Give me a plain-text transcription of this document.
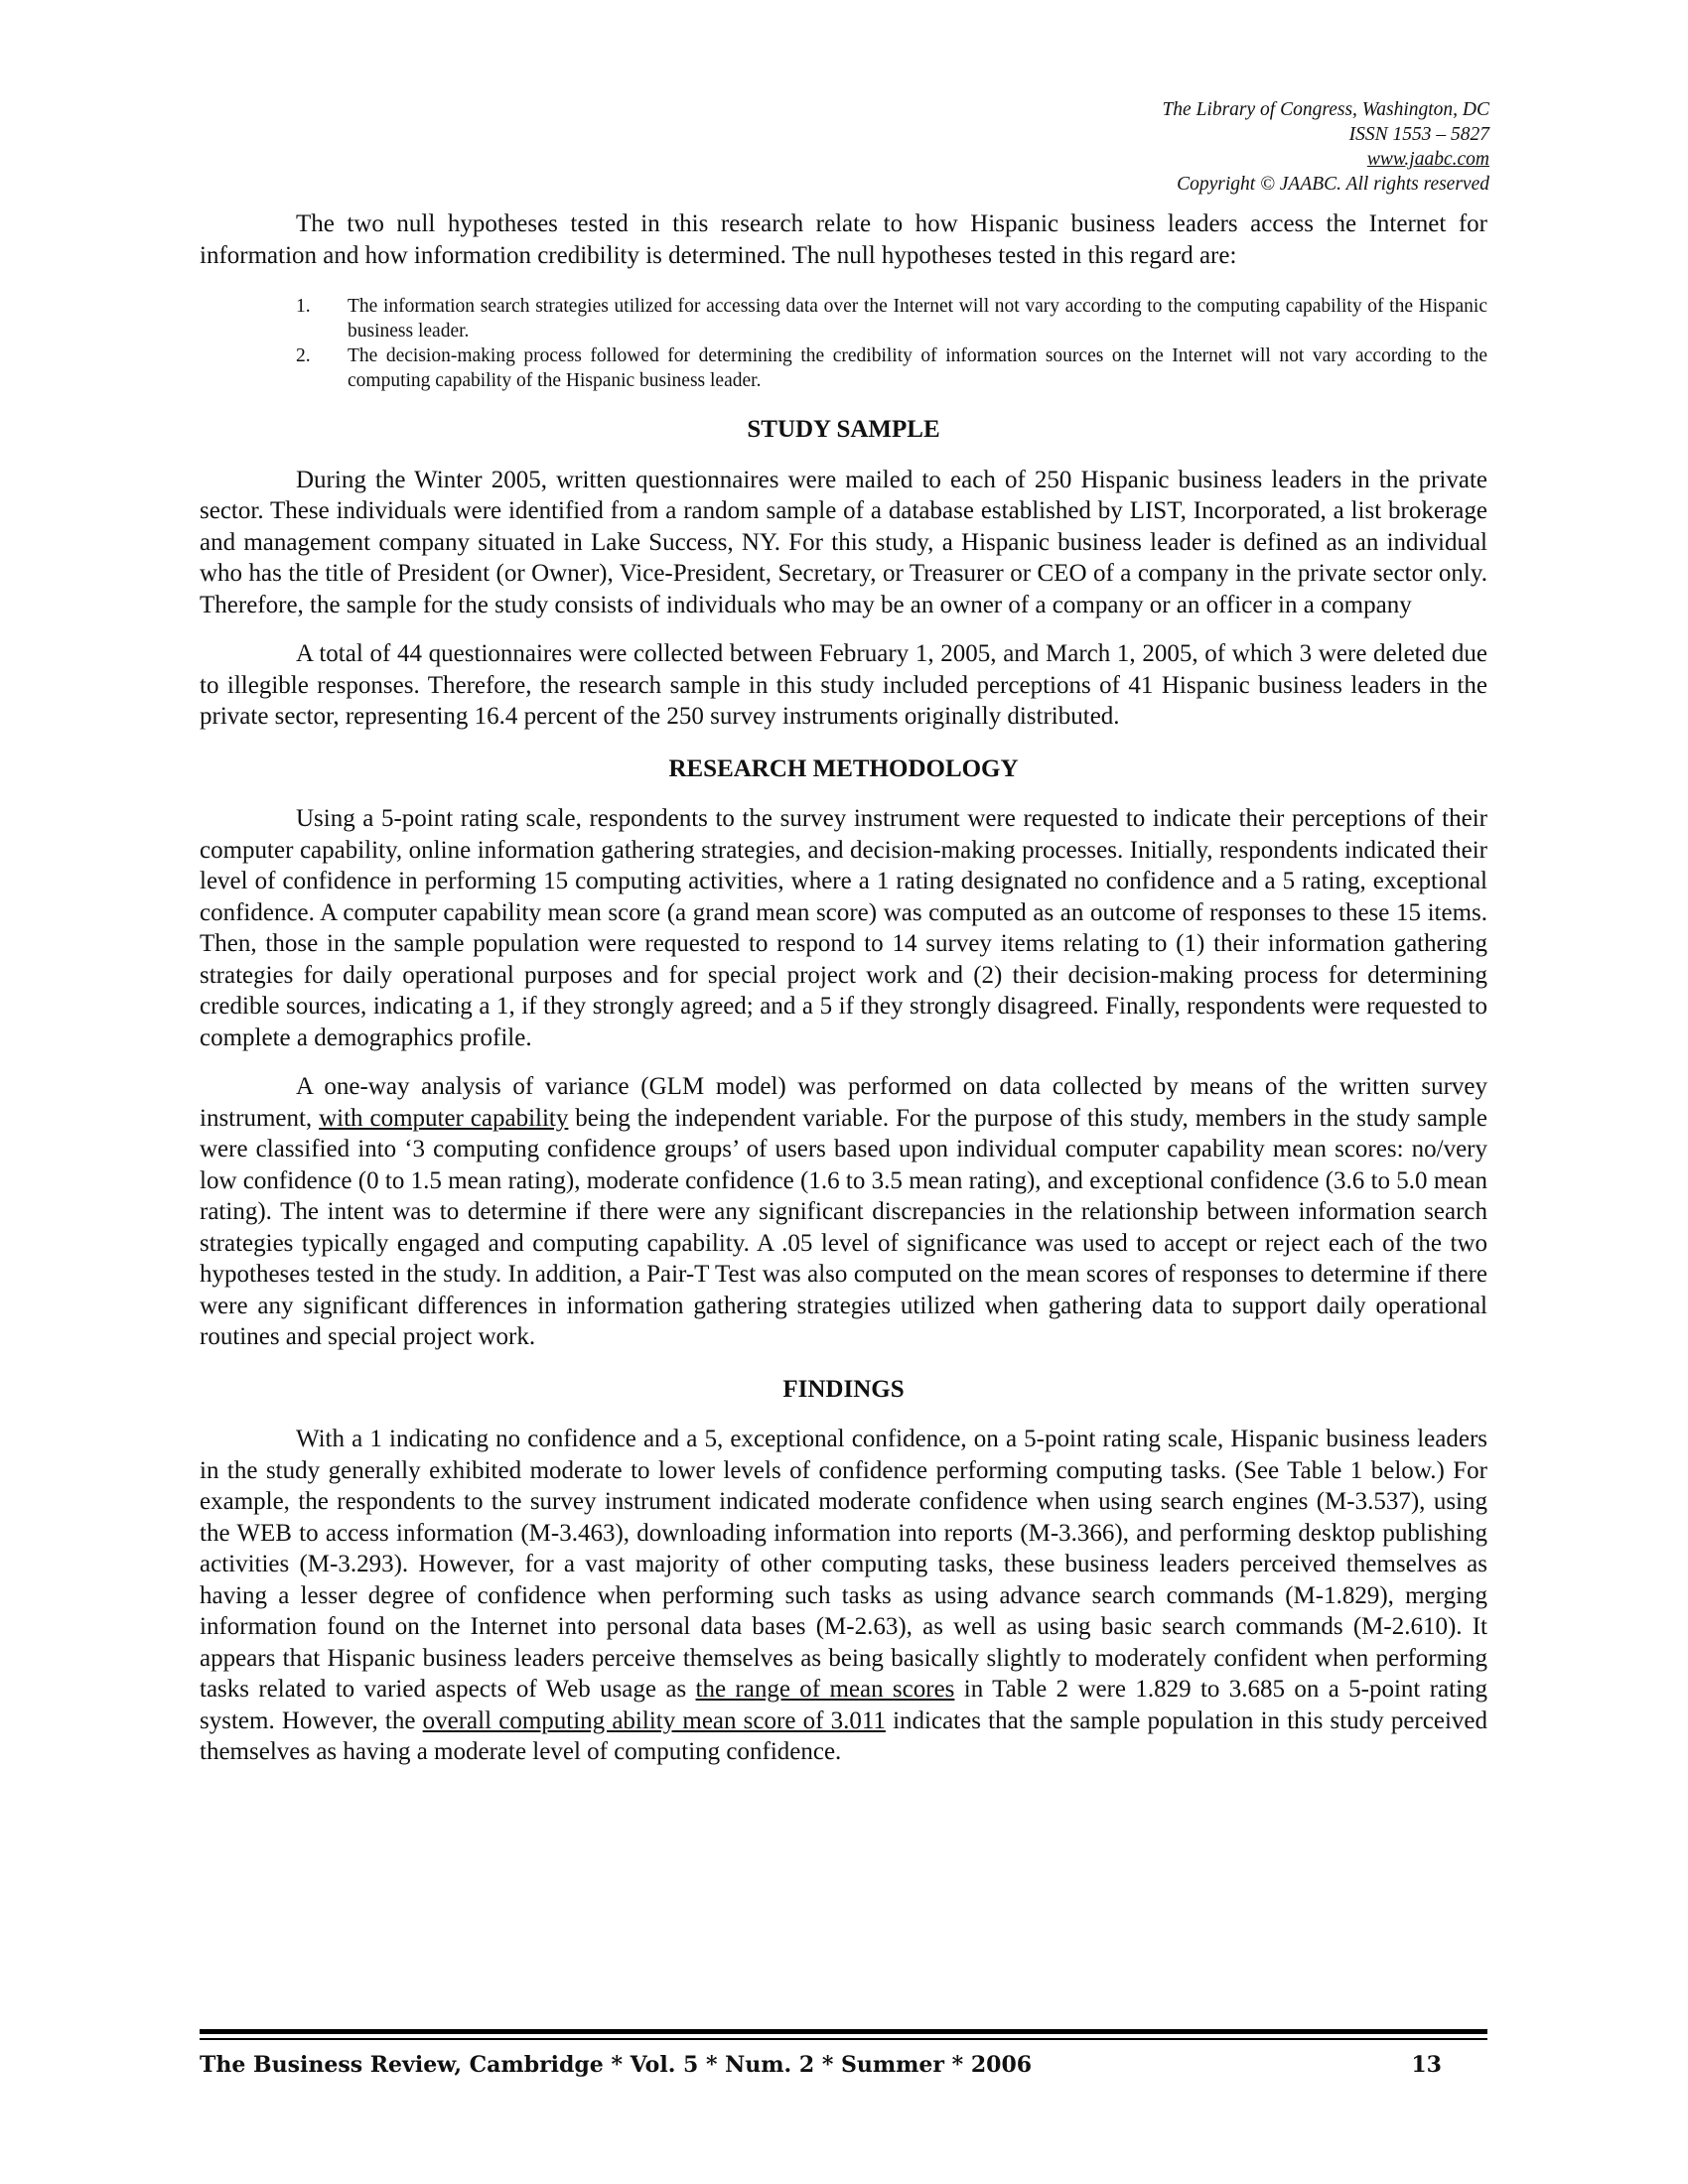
The Library of Congress, Washington, DC
ISSN 1553 – 5827
www.jaabc.com
Copyright © JAABC. All rights reserved

The two null hypotheses tested in this research relate to how Hispanic business leaders access the Internet for information and how information credibility is determined. The null hypotheses tested in this regard are:

1. The information search strategies utilized for accessing data over the Internet will not vary according to the computing capability of the Hispanic business leader.
2. The decision-making process followed for determining the credibility of information sources on the Internet will not vary according to the computing capability of the Hispanic business leader.
STUDY SAMPLE

During the Winter 2005, written questionnaires were mailed to each of 250 Hispanic business leaders in the private sector. These individuals were identified from a random sample of a database established by LIST, Incorporated, a list brokerage and management company situated in Lake Success, NY. For this study, a Hispanic business leader is defined as an individual who has the title of President (or Owner), Vice-President, Secretary, or Treasurer or CEO of a company in the private sector only. Therefore, the sample for the study consists of individuals who may be an owner of a company or an officer in a company

A total of 44 questionnaires were collected between February 1, 2005, and March 1, 2005, of which 3 were deleted due to illegible responses. Therefore, the research sample in this study included perceptions of 41 Hispanic business leaders in the private sector, representing 16.4 percent of the 250 survey instruments originally distributed.

RESEARCH METHODOLOGY

Using a 5-point rating scale, respondents to the survey instrument were requested to indicate their perceptions of their computer capability, online information gathering strategies, and decision-making processes. Initially, respondents indicated their level of confidence in performing 15 computing activities, where a 1 rating designated no confidence and a 5 rating, exceptional confidence. A computer capability mean score (a grand mean score) was computed as an outcome of responses to these 15 items. Then, those in the sample population were requested to respond to 14 survey items relating to (1) their information gathering strategies for daily operational purposes and for special project work and (2) their decision-making process for determining credible sources, indicating a 1, if they strongly agreed; and a 5 if they strongly disagreed. Finally, respondents were requested to complete a demographics profile.

A one-way analysis of variance (GLM model) was performed on data collected by means of the written survey instrument, with computer capability being the independent variable. For the purpose of this study, members in the study sample were classified into ‘3 computing confidence groups’ of users based upon individual computer capability mean scores: no/very low confidence (0 to 1.5 mean rating), moderate confidence (1.6 to 3.5 mean rating), and exceptional confidence (3.6 to 5.0 mean rating). The intent was to determine if there were any significant discrepancies in the relationship between information search strategies typically engaged and computing capability. A .05 level of significance was used to accept or reject each of the two hypotheses tested in the study. In addition, a Pair-T Test was also computed on the mean scores of responses to determine if there were any significant differences in information gathering strategies utilized when gathering data to support daily operational routines and special project work.

FINDINGS

With a 1 indicating no confidence and a 5, exceptional confidence, on a 5-point rating scale, Hispanic business leaders in the study generally exhibited moderate to lower levels of confidence performing computing tasks. (See Table 1 below.) For example, the respondents to the survey instrument indicated moderate confidence when using search engines (M-3.537), using the WEB to access information (M-3.463), downloading information into reports (M-3.366), and performing desktop publishing activities (M-3.293). However, for a vast majority of other computing tasks, these business leaders perceived themselves as having a lesser degree of confidence when performing such tasks as using advance search commands (M-1.829), merging information found on the Internet into personal data bases (M-2.63), as well as using basic search commands (M-2.610). It appears that Hispanic business leaders perceive themselves as being basically slightly to moderately confident when performing tasks related to varied aspects of Web usage as the range of mean scores in Table 2 were 1.829 to 3.685 on a 5-point rating system. However, the overall computing ability mean score of 3.011 indicates that the sample population in this study perceived themselves as having a moderate level of computing confidence.

The Business Review, Cambridge * Vol. 5 * Num. 2 * Summer * 2006	13
